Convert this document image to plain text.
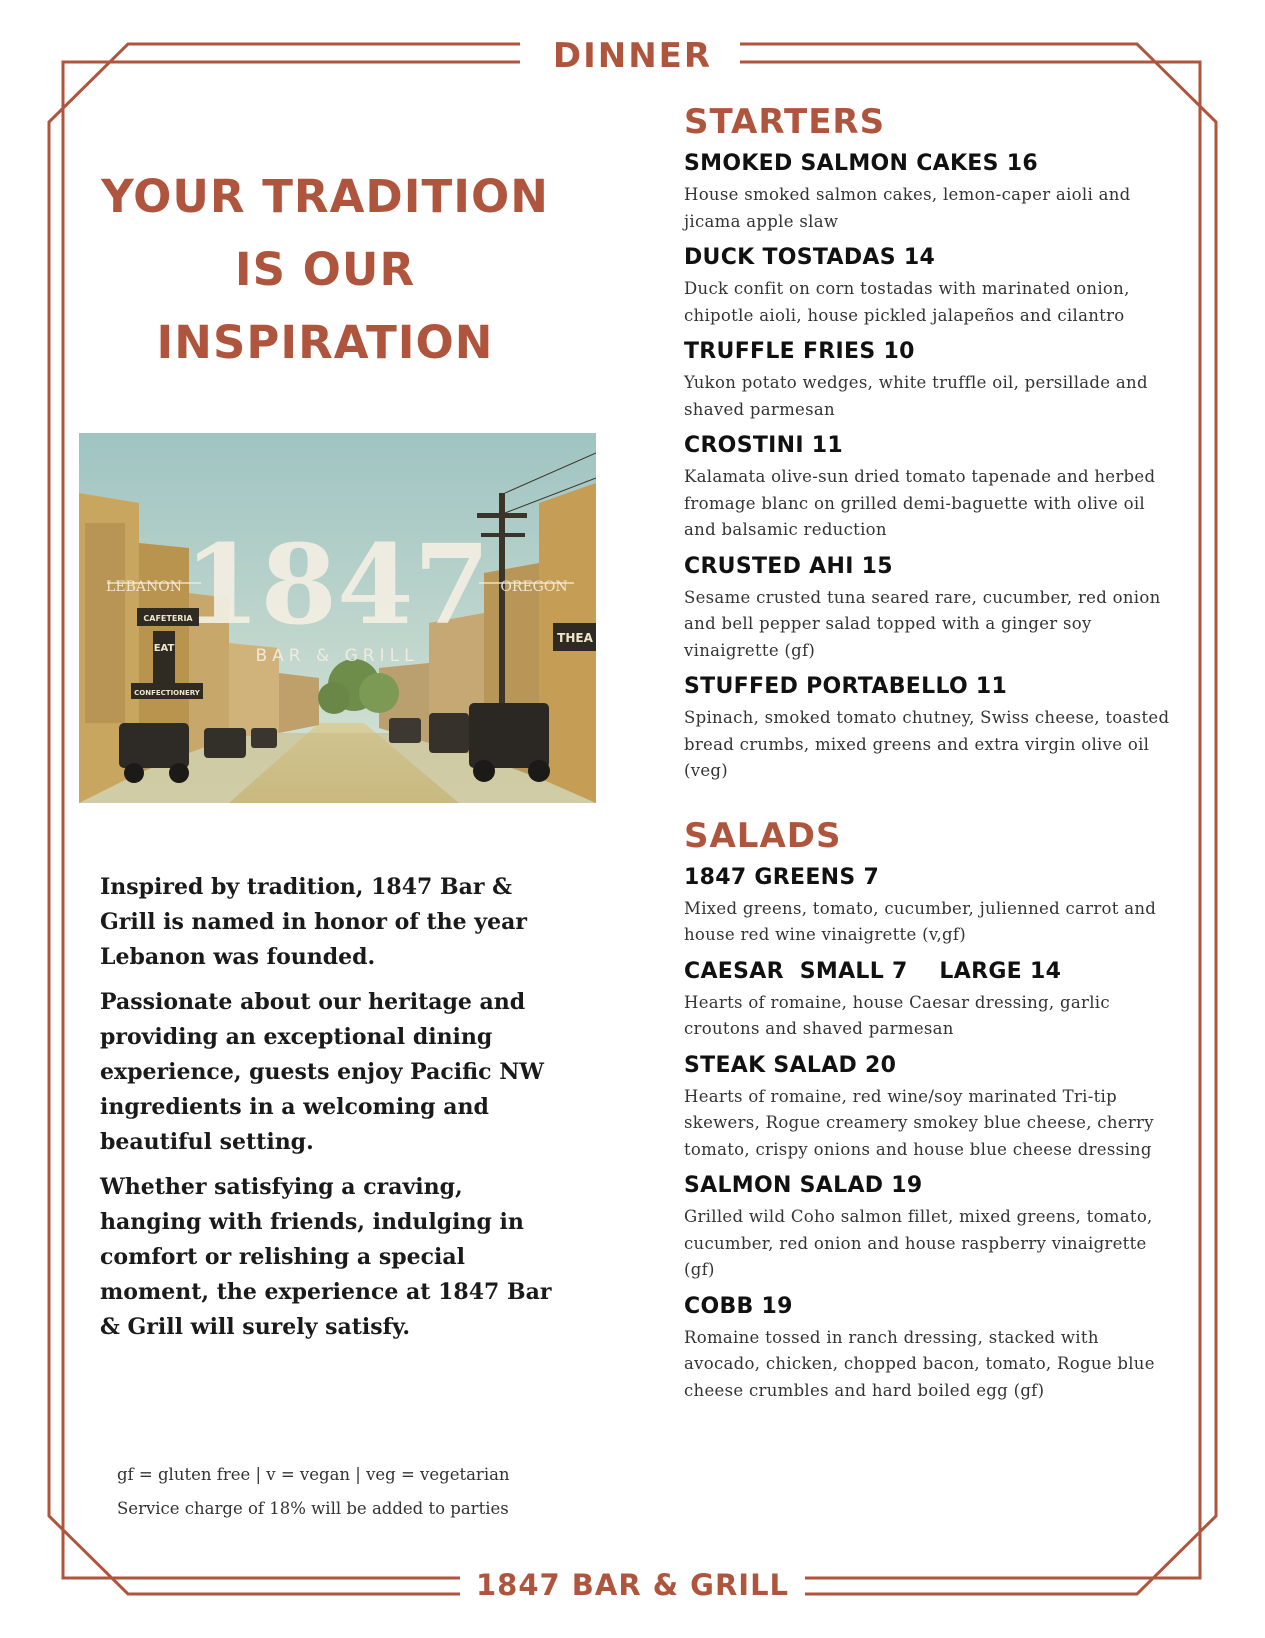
DINNER
YOUR TRADITION
IS OUR
INSPIRATION
CAFETERIA
EAT
CONFECTIONERY
THEA
1847
BAR & GRILL
LEBANON	OREGON

Inspired by tradition, 1847 Bar & Grill is named in honor of the year Lebanon was founded.

Passionate about our heritage and providing an exceptional dining experience, guests enjoy Pacific NW ingredients in a welcoming and beautiful setting.

Whether satisfying a craving, hanging with friends, indulging in comfort or relishing a special moment, the experience at 1847 Bar & Grill will surely satisfy.

gf = gluten free | v = vegan | veg = vegetarian
Service charge of 18% will be added to parties
STARTERS
SMOKED SALMON CAKES 16
House smoked salmon cakes, lemon-caper aioli and jicama apple slaw
DUCK TOSTADAS 14
Duck confit on corn tostadas with marinated onion, chipotle aioli, house pickled jalapeños and cilantro
TRUFFLE FRIES 10
Yukon potato wedges, white truffle oil, persillade and shaved parmesan
CROSTINI 11
Kalamata olive-sun dried tomato tapenade and herbed fromage blanc on grilled demi-baguette with olive oil and balsamic reduction
CRUSTED AHI 15
Sesame crusted tuna seared rare, cucumber, red onion and bell pepper salad topped with a ginger soy vinaigrette (gf)
STUFFED PORTABELLO 11
Spinach, smoked tomato chutney, Swiss cheese, toasted bread crumbs, mixed greens and extra virgin olive oil (veg)
SALADS
1847 GREENS 7
Mixed greens, tomato, cucumber, julienned carrot and house red wine vinaigrette (v,gf)
CAESAR  SMALL 7    LARGE 14
Hearts of romaine, house Caesar dressing, garlic croutons and shaved parmesan
STEAK SALAD 20
Hearts of romaine, red wine/soy marinated Tri-tip skewers, Rogue creamery smokey blue cheese, cherry tomato, crispy onions and house blue cheese dressing
SALMON SALAD 19
Grilled wild Coho salmon fillet, mixed greens, tomato, cucumber, red onion and house raspberry vinaigrette (gf)
COBB 19
Romaine tossed in ranch dressing, stacked with avocado, chicken, chopped bacon, tomato, Rogue blue cheese crumbles and hard boiled egg (gf)
1847 BAR & GRILL
